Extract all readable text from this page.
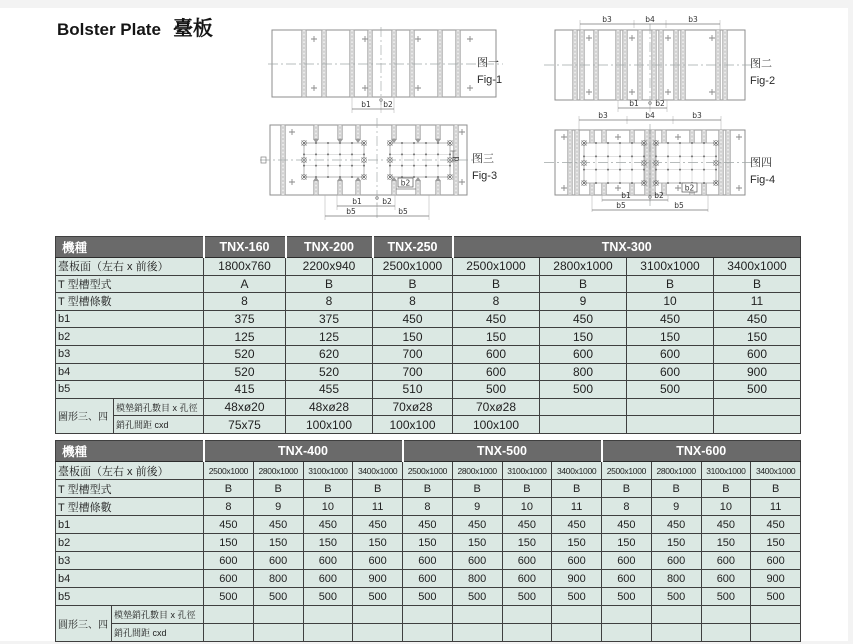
Bolster Plate 臺板
b1 b2
图一
Fig-1
b3	b4	b3
b1 b2
图二
Fig-2
b1	b2
b5	b5
b2
d 图三
Fig-3
b3	b4	b3
b1	b2
b5	b5
b2
图四
Fig-4
機種		TNX-160	TNX-200	TNX-250	TNX-300			
臺板面（左右 x 前後）		1800x760	2200x940	2500x1000	2500x1000	2800x1000	3100x1000	3400x1000
T 型槽型式		A	B	B	B	B	B	B
T 型槽條數		8	8	8	8	9	10	11
b1		375	375	450	450	450	450	450
b2		125	125	150	150	150	150	150
b3		520	620	700	600	600	600	600
b4		520	520	700	600	800	600	900
b5		415	455	510	500	500	500	500
圖形三、四	模墊銷孔數目 x 孔徑	48xø20	48xø28	70xø28	70xø28			
	銷孔間距 cxd	75x75	100x100	100x100	100x100			
機種		TNX-400				TNX-500				TNX-600			
臺板面（左右 x 前後）		2500x1000	2800x1000	3100x1000	3400x1000	2500x1000	2800x1000	3100x1000	3400x1000	2500x1000	2800x1000	3100x1000	3400x1000
T 型槽型式		B	B	B	B	B	B	B	B	B	B	B	B
T 型槽條數		8	9	10	11	8	9	10	11	8	9	10	11
b1		450	450	450	450	450	450	450	450	450	450	450	450
b2		150	150	150	150	150	150	150	150	150	150	150	150
b3		600	600	600	600	600	600	600	600	600	600	600	600
b4		600	800	600	900	600	800	600	900	600	800	600	900
b5		500	500	500	500	500	500	500	500	500	500	500	500
圓形三、四	模墊銷孔數目 x 孔徑												
	銷孔間距 cxd												
